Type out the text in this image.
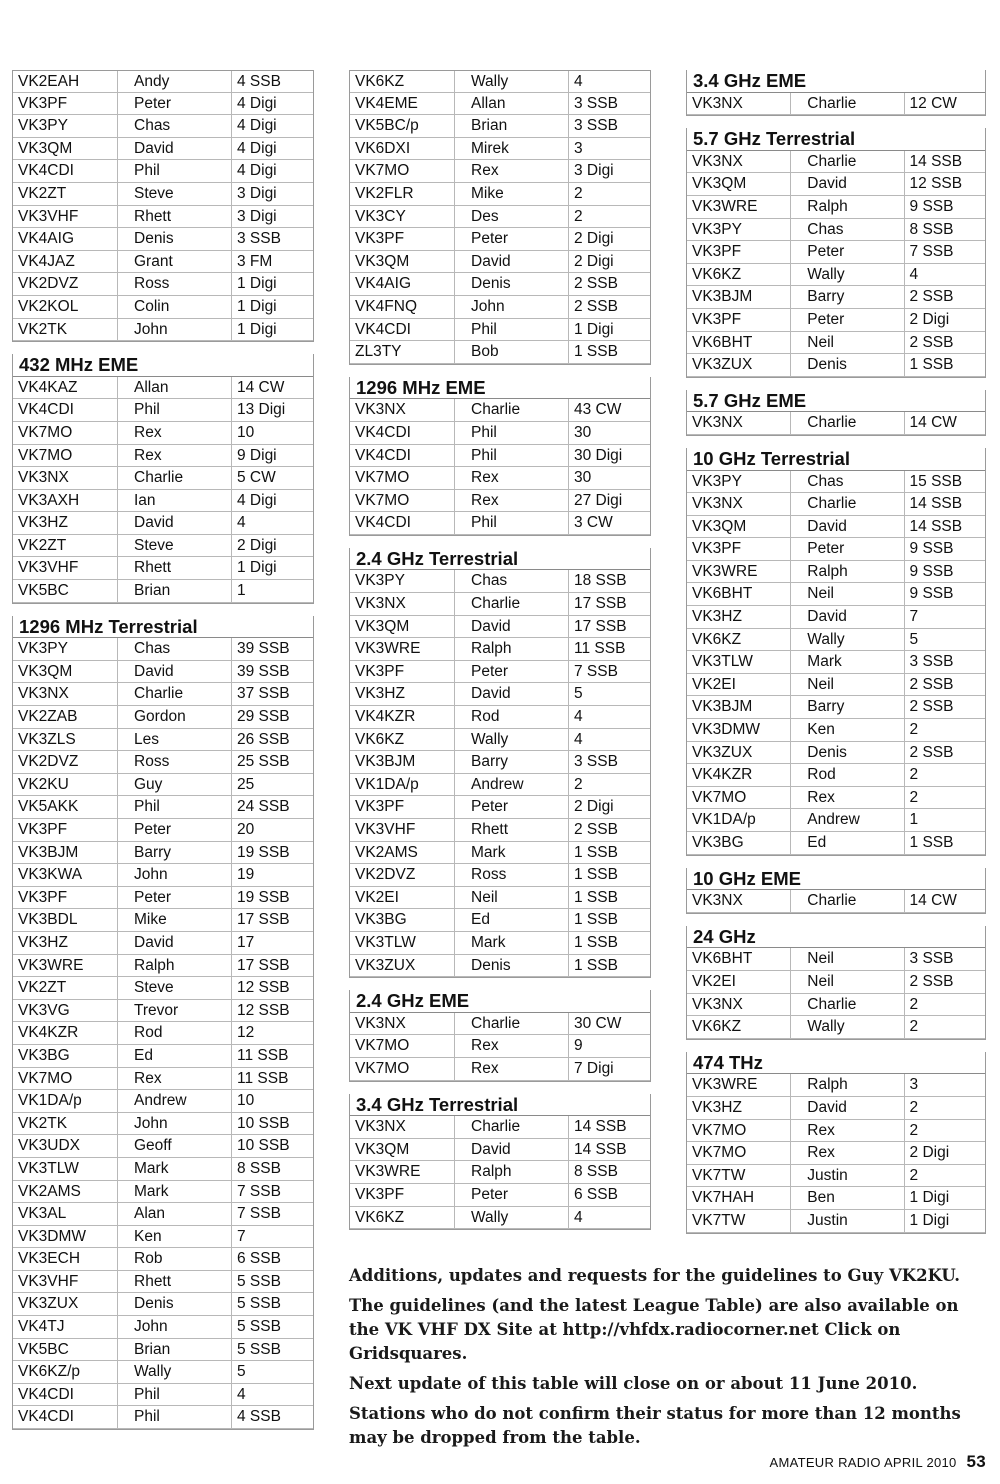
VK2EAH	Andy	4 SSB
VK3PF	Peter	4 Digi
VK3PY	Chas	4 Digi
VK3QM	David	4 Digi
VK4CDI	Phil	4 Digi
VK2ZT	Steve	3 Digi
VK3VHF	Rhett	3 Digi
VK4AIG	Denis	3 SSB
VK4JAZ	Grant	3 FM
VK2DVZ	Ross	1 Digi
VK2KOL	Colin	1 Digi
VK2TK	John	1 Digi
432 MHz EME
VK4KAZ	Allan	14 CW
VK4CDI	Phil	13 Digi
VK7MO	Rex	10
VK7MO	Rex	9 Digi
VK3NX	Charlie	5 CW
VK3AXH	Ian	4 Digi
VK3HZ	David	4
VK2ZT	Steve	2 Digi
VK3VHF	Rhett	1 Digi
VK5BC	Brian	1
1296 MHz Terrestrial
VK3PY	Chas	39 SSB
VK3QM	David	39 SSB
VK3NX	Charlie	37 SSB
VK2ZAB	Gordon	29 SSB
VK3ZLS	Les	26 SSB
VK2DVZ	Ross	25 SSB
VK2KU	Guy	25
VK5AKK	Phil	24 SSB
VK3PF	Peter	20
VK3BJM	Barry	19 SSB
VK3KWA	John	19
VK3PF	Peter	19 SSB
VK3BDL	Mike	17 SSB
VK3HZ	David	17
VK3WRE	Ralph	17 SSB
VK2ZT	Steve	12 SSB
VK3VG	Trevor	12 SSB
VK4KZR	Rod	12
VK3BG	Ed	11 SSB
VK7MO	Rex	11 SSB
VK1DA/p	Andrew	10
VK2TK	John	10 SSB
VK3UDX	Geoff	10 SSB
VK3TLW	Mark	8 SSB
VK2AMS	Mark	7 SSB
VK3AL	Alan	7 SSB
VK3DMW	Ken	7
VK3ECH	Rob	6 SSB
VK3VHF	Rhett	5 SSB
VK3ZUX	Denis	5 SSB
VK4TJ	John	5 SSB
VK5BC	Brian	5 SSB
VK6KZ/p	Wally	5
VK4CDI	Phil	4
VK4CDI	Phil	4 SSB
VK6KZ	Wally	4
VK4EME	Allan	3 SSB
VK5BC/p	Brian	3 SSB
VK6DXI	Mirek	3
VK7MO	Rex	3 Digi
VK2FLR	Mike	2
VK3CY	Des	2
VK3PF	Peter	2 Digi
VK3QM	David	2 Digi
VK4AIG	Denis	2 SSB
VK4FNQ	John	2 SSB
VK4CDI	Phil	1 Digi
ZL3TY	Bob	1 SSB
1296 MHz EME
VK3NX	Charlie	43 CW
VK4CDI	Phil	30
VK4CDI	Phil	30 Digi
VK7MO	Rex	30
VK7MO	Rex	27 Digi
VK4CDI	Phil	3 CW
2.4 GHz Terrestrial
VK3PY	Chas	18 SSB
VK3NX	Charlie	17 SSB
VK3QM	David	17 SSB
VK3WRE	Ralph	11 SSB
VK3PF	Peter	7 SSB
VK3HZ	David	5
VK4KZR	Rod	4
VK6KZ	Wally	4
VK3BJM	Barry	3 SSB
VK1DA/p	Andrew	2
VK3PF	Peter	2 Digi
VK3VHF	Rhett	2 SSB
VK2AMS	Mark	1 SSB
VK2DVZ	Ross	1 SSB
VK2EI	Neil	1 SSB
VK3BG	Ed	1 SSB
VK3TLW	Mark	1 SSB
VK3ZUX	Denis	1 SSB
2.4 GHz EME
VK3NX	Charlie	30 CW
VK7MO	Rex	9
VK7MO	Rex	7 Digi
3.4 GHz Terrestrial
VK3NX	Charlie	14 SSB
VK3QM	David	14 SSB
VK3WRE	Ralph	8 SSB
VK3PF	Peter	6 SSB
VK6KZ	Wally	4
3.4 GHz EME
VK3NX	Charlie	12 CW
5.7 GHz Terrestrial
VK3NX	Charlie	14 SSB
VK3QM	David	12 SSB
VK3WRE	Ralph	9 SSB
VK3PY	Chas	8 SSB
VK3PF	Peter	7 SSB
VK6KZ	Wally	4
VK3BJM	Barry	2 SSB
VK3PF	Peter	2 Digi
VK6BHT	Neil	2 SSB
VK3ZUX	Denis	1 SSB
5.7 GHz EME
VK3NX	Charlie	14 CW
10 GHz Terrestrial
VK3PY	Chas	15 SSB
VK3NX	Charlie	14 SSB
VK3QM	David	14 SSB
VK3PF	Peter	9 SSB
VK3WRE	Ralph	9 SSB
VK6BHT	Neil	9 SSB
VK3HZ	David	7
VK6KZ	Wally	5
VK3TLW	Mark	3 SSB
VK2EI	Neil	2 SSB
VK3BJM	Barry	2 SSB
VK3DMW	Ken	2
VK3ZUX	Denis	2 SSB
VK4KZR	Rod	2
VK7MO	Rex	2
VK1DA/p	Andrew	1
VK3BG	Ed	1 SSB
10 GHz EME
VK3NX	Charlie	14 CW
24 GHz
VK6BHT	Neil	3 SSB
VK2EI	Neil	2 SSB
VK3NX	Charlie	2
VK6KZ	Wally	2
474 THz
VK3WRE	Ralph	3
VK3HZ	David	2
VK7MO	Rex	2
VK7MO	Rex	2 Digi
VK7TW	Justin	2
VK7HAH	Ben	1 Digi
VK7TW	Justin	1 Digi

Additions, updates and requests for the guidelines to Guy VK2KU.

The guidelines (and the latest League Table) are also available on the VK VHF DX Site at http://vhfdx.radiocorner.net Click on Gridsquares.

Next update of this table will close on or about 11 June 2010.

Stations who do not confirm their status for more than 12 months may be dropped from the table.

AMATEUR RADIO APRIL 2010 53
